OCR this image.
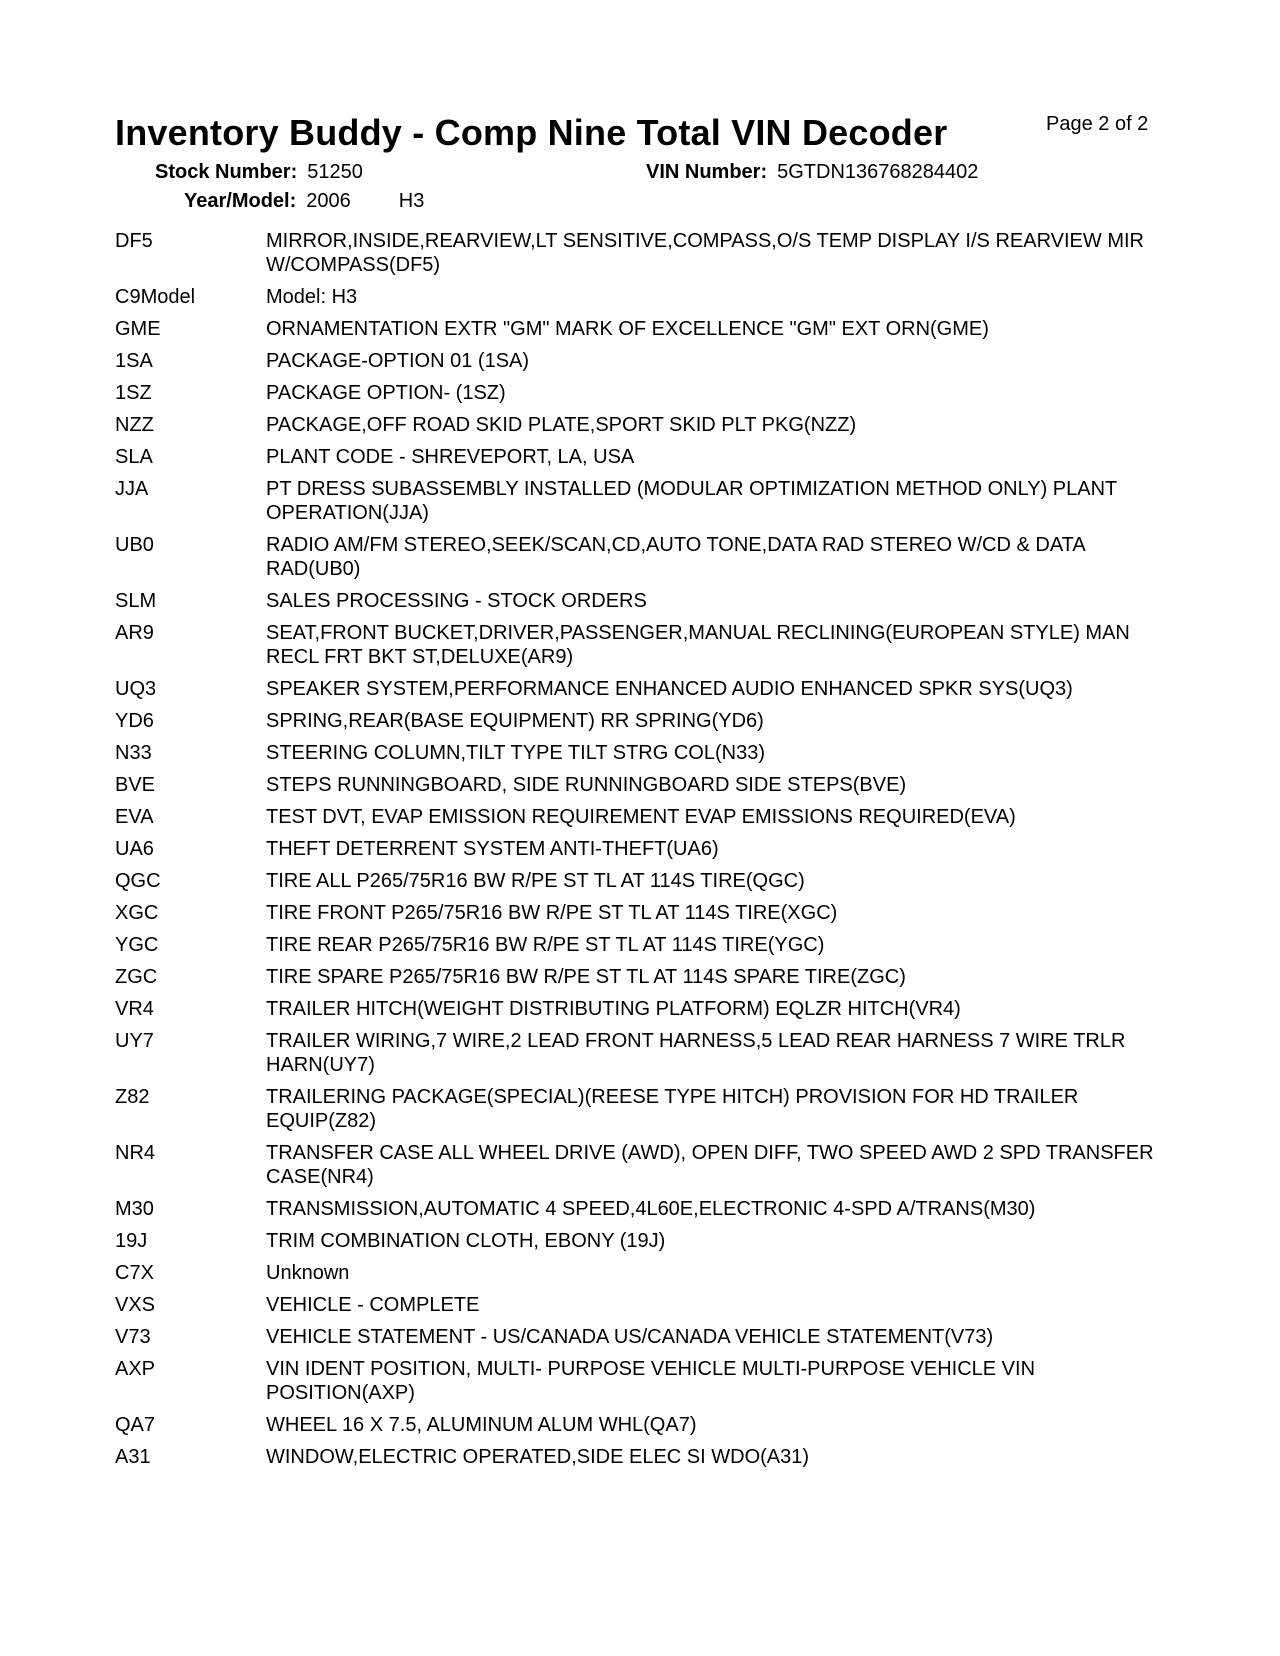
Inventory Buddy - Comp Nine Total VIN Decoder	Page 2 of 2
Stock Number: 51250	VIN Number: 5GTDN136768284402
Year/Model: 2006 H3
DF5	MIRROR,INSIDE,REARVIEW,LT SENSITIVE,COMPASS,O/S TEMP DISPLAY I/S REARVIEW MIR W/COMPASS(DF5)
C9Model	Model: H3
GME	ORNAMENTATION EXTR "GM" MARK OF EXCELLENCE "GM" EXT ORN(GME)
1SA	PACKAGE-OPTION 01 (1SA)
1SZ	PACKAGE OPTION- (1SZ)
NZZ	PACKAGE,OFF ROAD SKID PLATE,SPORT SKID PLT PKG(NZZ)
SLA	PLANT CODE - SHREVEPORT, LA, USA
JJA	PT DRESS SUBASSEMBLY INSTALLED (MODULAR OPTIMIZATION METHOD ONLY) PLANT OPERATION(JJA)
UB0	RADIO AM/FM STEREO,SEEK/SCAN,CD,AUTO TONE,DATA RAD STEREO W/CD & DATA RAD(UB0)
SLM	SALES PROCESSING - STOCK ORDERS
AR9	SEAT,FRONT BUCKET,DRIVER,PASSENGER,MANUAL RECLINING(EUROPEAN STYLE) MAN RECL FRT BKT ST,DELUXE(AR9)
UQ3	SPEAKER SYSTEM,PERFORMANCE ENHANCED AUDIO ENHANCED SPKR SYS(UQ3)
YD6	SPRING,REAR(BASE EQUIPMENT) RR SPRING(YD6)
N33	STEERING COLUMN,TILT TYPE TILT STRG COL(N33)
BVE	STEPS RUNNINGBOARD, SIDE RUNNINGBOARD SIDE STEPS(BVE)
EVA	TEST DVT, EVAP EMISSION REQUIREMENT EVAP EMISSIONS REQUIRED(EVA)
UA6	THEFT DETERRENT SYSTEM ANTI-THEFT(UA6)
QGC	TIRE ALL P265/75R16 BW R/PE ST TL AT 114S TIRE(QGC)
XGC	TIRE FRONT P265/75R16 BW R/PE ST TL AT 114S TIRE(XGC)
YGC	TIRE REAR P265/75R16 BW R/PE ST TL AT 114S TIRE(YGC)
ZGC	TIRE SPARE P265/75R16 BW R/PE ST TL AT 114S SPARE TIRE(ZGC)
VR4	TRAILER HITCH(WEIGHT DISTRIBUTING PLATFORM) EQLZR HITCH(VR4)
UY7	TRAILER WIRING,7 WIRE,2 LEAD FRONT HARNESS,5 LEAD REAR HARNESS 7 WIRE TRLR HARN(UY7)
Z82	TRAILERING PACKAGE(SPECIAL)(REESE TYPE HITCH) PROVISION FOR HD TRAILER EQUIP(Z82)
NR4	TRANSFER CASE ALL WHEEL DRIVE (AWD), OPEN DIFF, TWO SPEED AWD 2 SPD TRANSFER CASE(NR4)
M30	TRANSMISSION,AUTOMATIC 4 SPEED,4L60E,ELECTRONIC 4-SPD A/TRANS(M30)
19J	TRIM COMBINATION CLOTH, EBONY (19J)
C7X	Unknown
VXS	VEHICLE - COMPLETE
V73	VEHICLE STATEMENT - US/CANADA US/CANADA VEHICLE STATEMENT(V73)
AXP	VIN IDENT POSITION, MULTI- PURPOSE VEHICLE MULTI-PURPOSE VEHICLE VIN POSITION(AXP)
QA7	WHEEL 16 X 7.5, ALUMINUM ALUM WHL(QA7)
A31	WINDOW,ELECTRIC OPERATED,SIDE ELEC SI WDO(A31)
